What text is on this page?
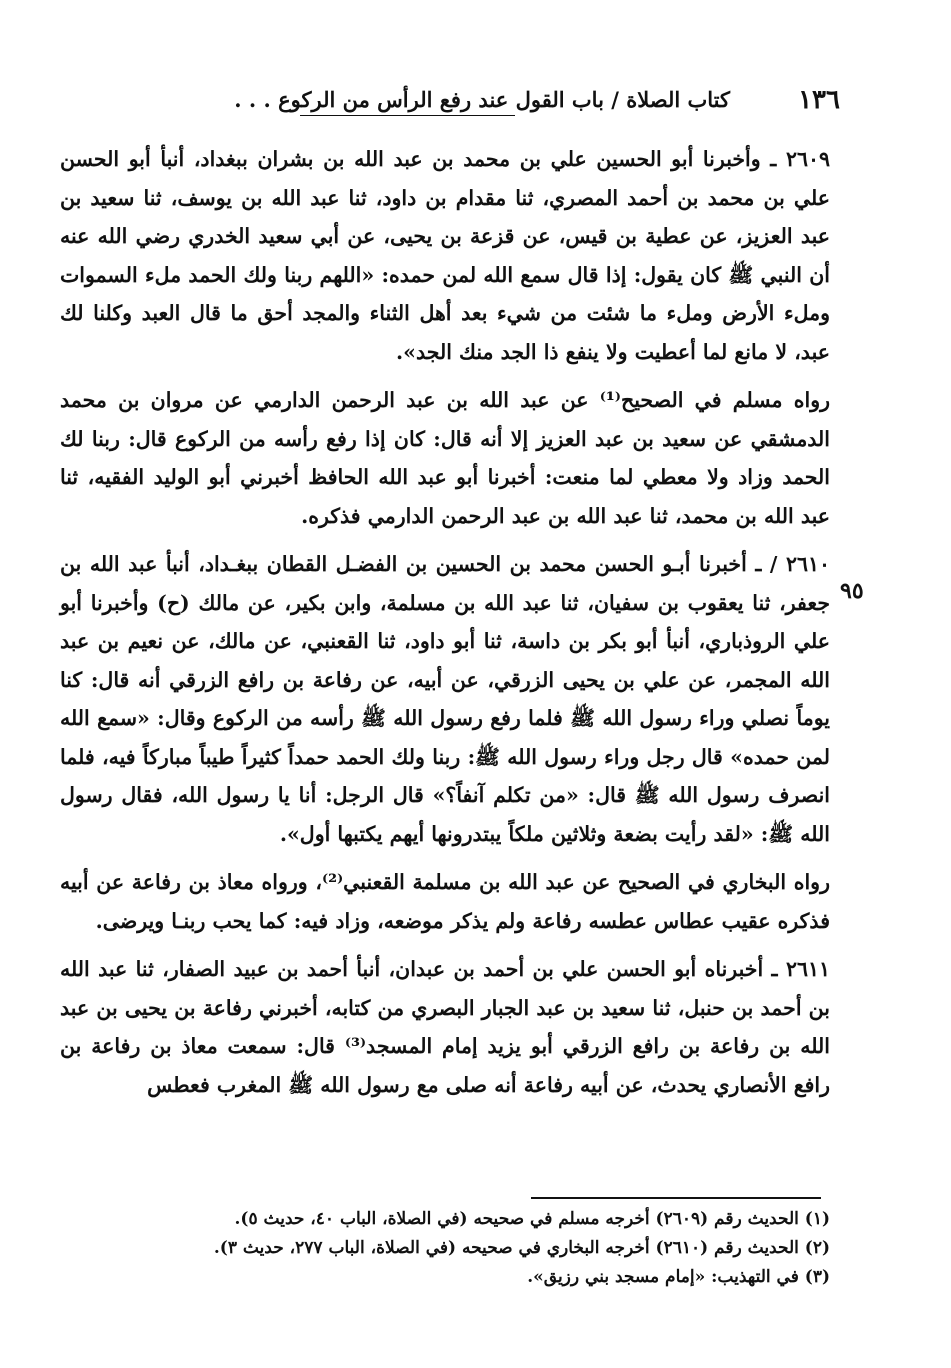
١٣٦
كتاب الصلاة / باب القول عند رفع الرأس من الركوع . . .
٩٥

٢٦٠٩ ـ وأخبرنا أبو الحسين علي بن محمد بن عبد الله بن بشران ببغداد، أنبأ أبو الحسن علي بن محمد بن أحمد المصري، ثنا مقدام بن داود، ثنا عبد الله بن يوسف، ثنا سعيد بن عبد العزيز، عن عطية بن قيس، عن قزعة بن يحيى، عن أبي سعيد الخدري رضي الله عنه أن النبي ﷺ كان يقول: إذا قال سمع الله لمن حمده: «اللهم ربنا ولك الحمد ملء السموات وملء الأرض وملء ما شئت من شيء بعد أهل الثناء والمجد أحق ما قال العبد وكلنا لك عبد، لا مانع لما أعطيت ولا ينفع ذا الجد منك الجد».

رواه مسلم في الصحيح⁽¹⁾ عن عبد الله بن عبد الرحمن الدارمي عن مروان بن محمد الدمشقي عن سعيد بن عبد العزيز إلا أنه قال: كان إذا رفع رأسه من الركوع قال: ربنا لك الحمد وزاد ولا معطي لما منعت: أخبرنا أبو عبد الله الحافظ أخبرني أبو الوليد الفقيه، ثنا عبد الله بن محمد، ثنا عبد الله بن عبد الرحمن الدارمي فذكره.

٢٦١٠ / ـ أخبرنا أبـو الحسن محمد بن الحسين بن الفضـل القطان ببغـداد، أنبأ عبد الله بن جعفر، ثنا يعقوب بن سفيان، ثنا عبد الله بن مسلمة، وابن بكير، عن مالك (ح) وأخبرنا أبو علي الروذباري، أنبأ أبو بكر بن داسة، ثنا أبو داود، ثنا القعنبي، عن مالك، عن نعيم بن عبد الله المجمر، عن علي بن يحيى الزرقي، عن أبيه، عن رفاعة بن رافع الزرقي أنه قال: كنا يوماً نصلي وراء رسول الله ﷺ فلما رفع رسول الله ﷺ رأسه من الركوع وقال: «سمع الله لمن حمده» قال رجل وراء رسول الله ﷺ: ربنا ولك الحمد حمداً كثيراً طيباً مباركاً فيه، فلما انصرف رسول الله ﷺ قال: «من تكلم آنفاً؟» قال الرجل: أنا يا رسول الله، فقال رسول الله ﷺ: «لقد رأيت بضعة وثلاثين ملكاً يبتدرونها أيهم يكتبها أول».

رواه البخاري في الصحيح عن عبد الله بن مسلمة القعنبي⁽²⁾، ورواه معاذ بن رفاعة عن أبيه فذكره عقيب عطاس عطسه رفاعة ولم يذكر موضعه، وزاد فيه: كما يحب ربنـا ويرضى.

٢٦١١ ـ أخبرناه أبو الحسن علي بن أحمد بن عبدان، أنبأ أحمد بن عبيد الصفار، ثنا عبد الله بن أحمد بن حنبل، ثنا سعيد بن عبد الجبار البصري من كتابه، أخبرني رفاعة بن يحيى بن عبد الله بن رفاعة بن رافع الزرقي أبو يزيد إمام المسجد⁽³⁾ قال: سمعت معاذ بن رفاعة بن رافع الأنصاري يحدث، عن أبيه رفاعة أنه صلى مع رسول الله ﷺ المغرب فعطس

(١) الحديث رقم (٢٦٠٩) أخرجه مسلم في صحيحه (في الصلاة، الباب ٤٠، حديث ٥).

(٢) الحديث رقم (٢٦١٠) أخرجه البخاري في صحيحه (في الصلاة، الباب ٢٧٧، حديث ٣).

(٣) في التهذيب: «إمام مسجد بني رزيق».
